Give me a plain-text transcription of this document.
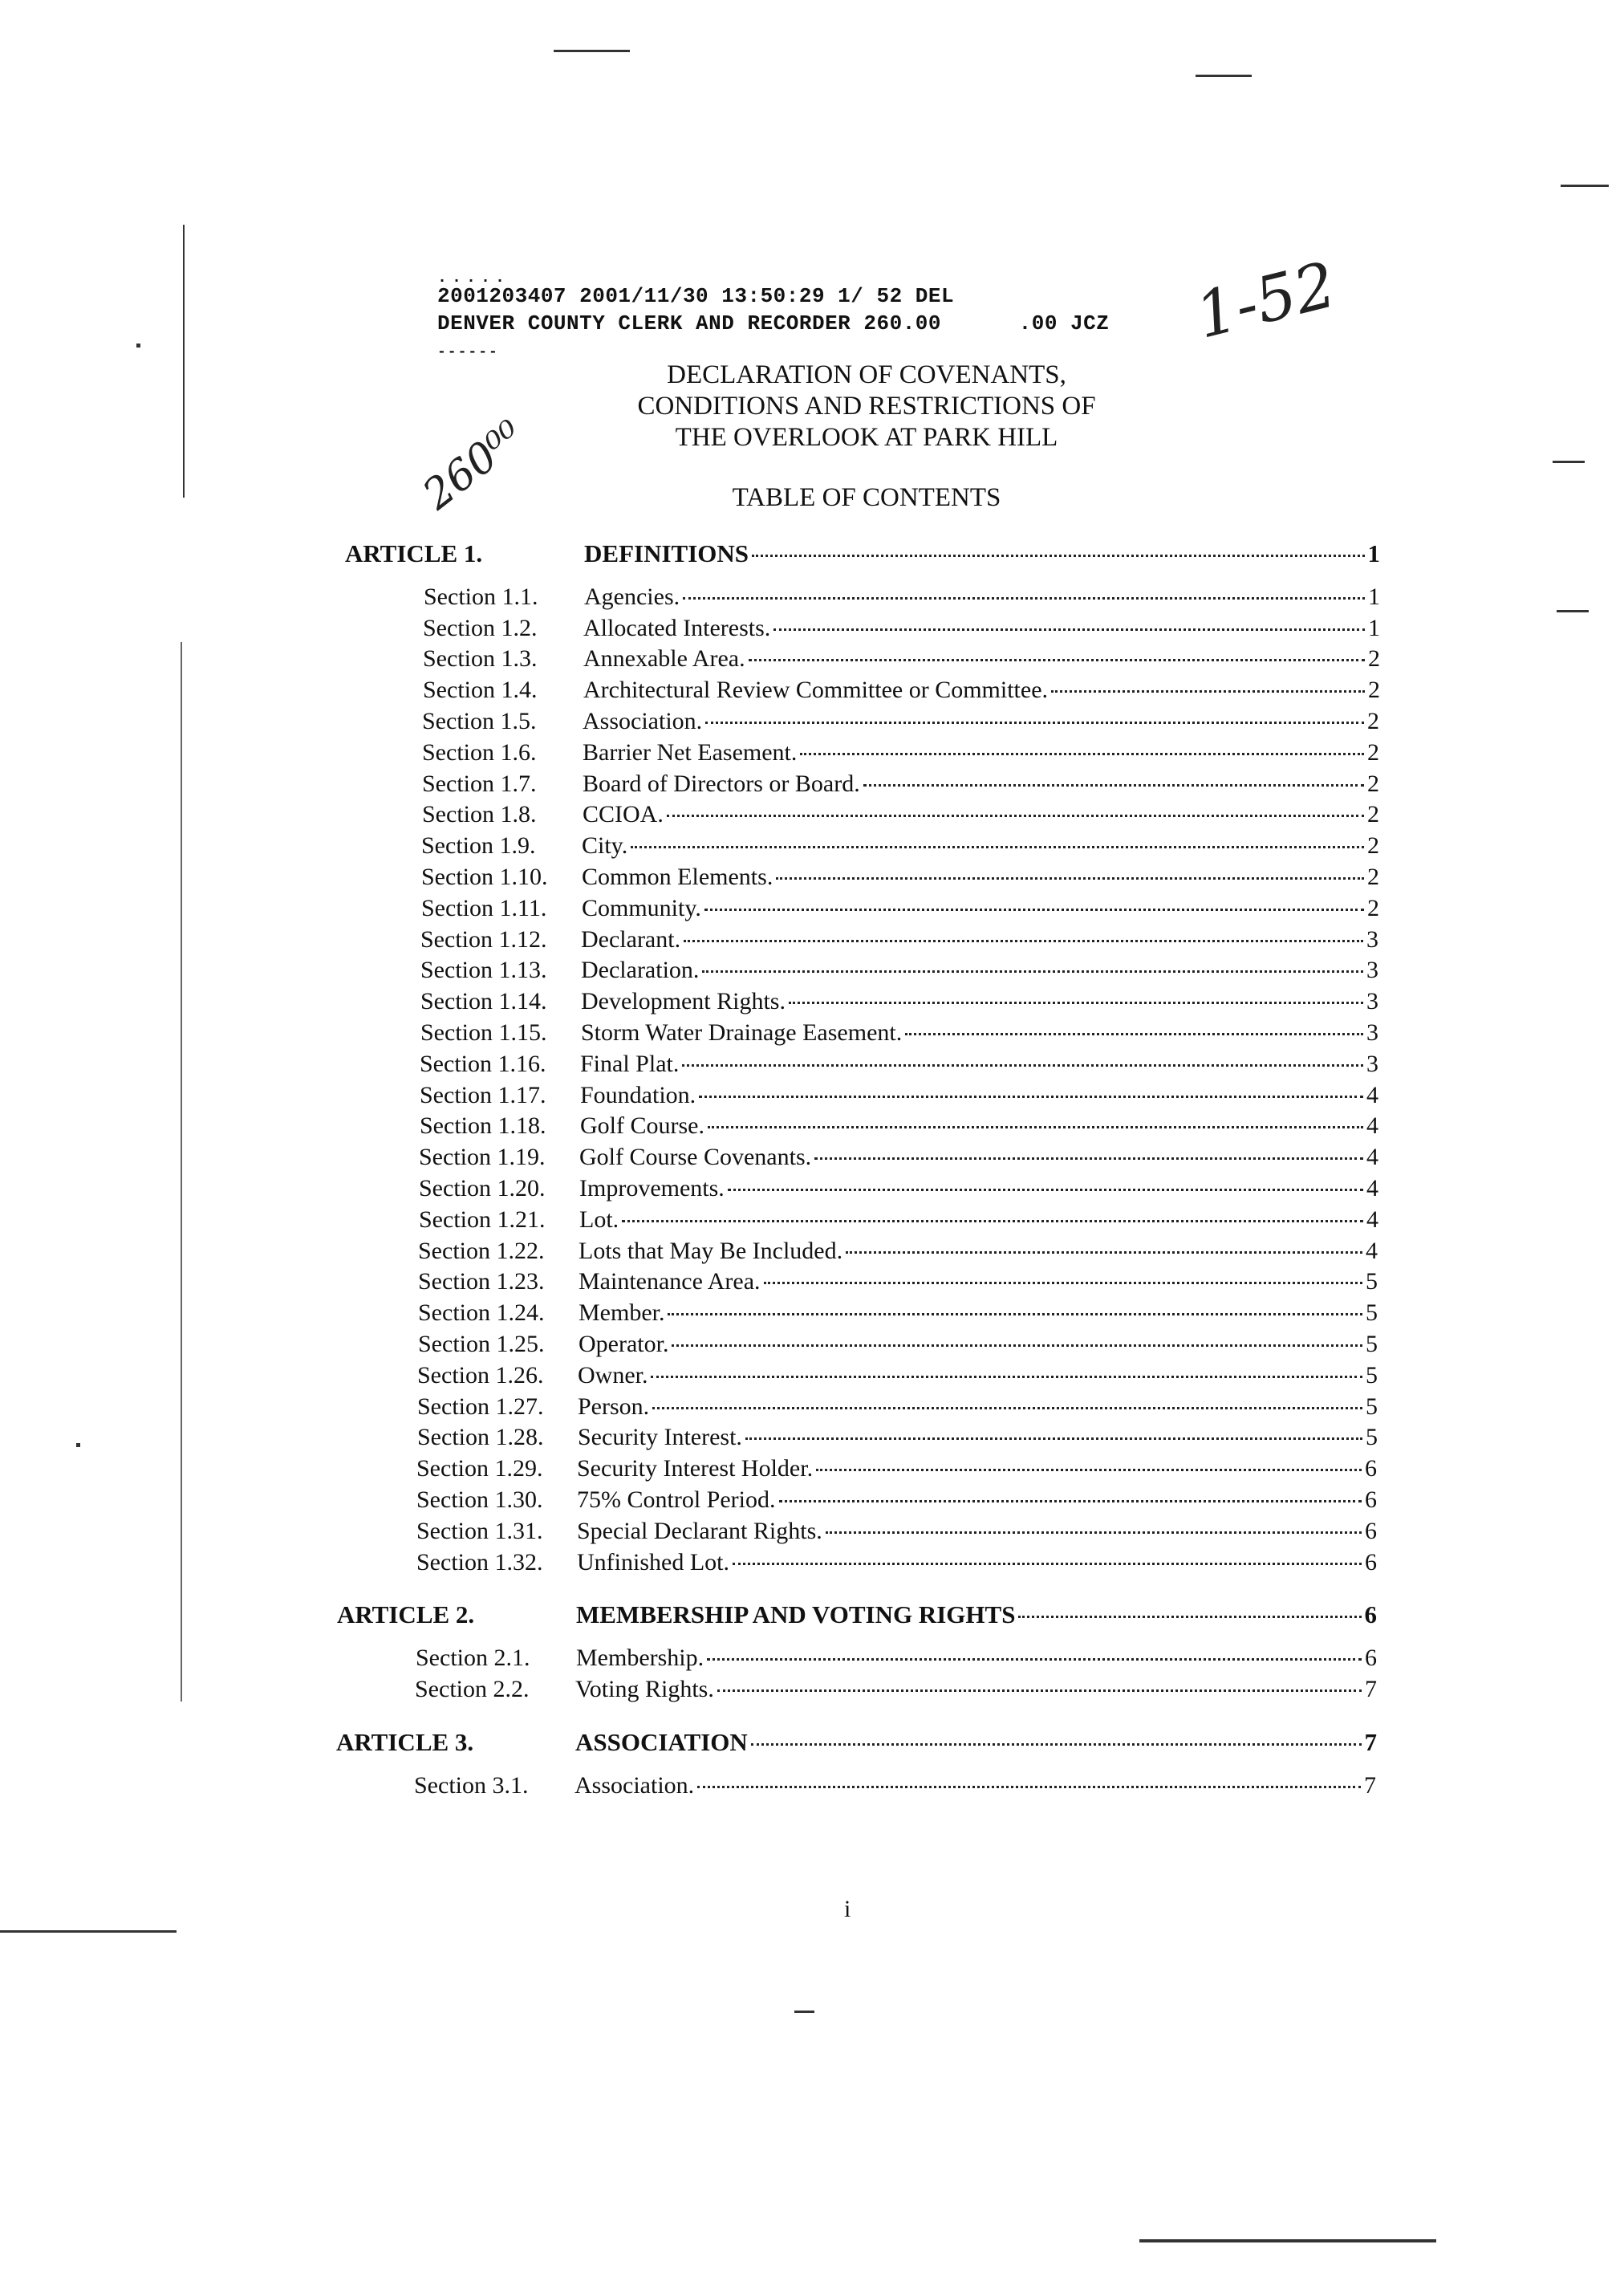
.....
2001203407 2001/11/30 13:50:29 1/ 52 DEL
DENVER COUNTY CLERK AND RECORDER 260.00      .00 JCZ
------	1-52
260⁰⁰
DECLARATION OF COVENANTS,
CONDITIONS AND RESTRICTIONS OF
THE OVERLOOK AT PARK HILL
TABLE OF CONTENTS
ARTICLE 1.	DEFINITIONS	1
Section 1.1. Agencies.	1
Section 1.2. Allocated Interests.	1
Section 1.3. Annexable Area.	2
Section 1.4. Architectural Review Committee or Committee.	2
Section 1.5. Association.	2
Section 1.6. Barrier Net Easement.	2
Section 1.7. Board of Directors or Board.	2
Section 1.8. CCIOA.	2
Section 1.9. City.	2
Section 1.10. Common Elements.	2
Section 1.11. Community.	2
Section 1.12. Declarant.	3
Section 1.13. Declaration.	3
Section 1.14. Development Rights.	3
Section 1.15. Storm Water Drainage Easement.	3
Section 1.16. Final Plat.	3
Section 1.17. Foundation.	4
Section 1.18. Golf Course.	4
Section 1.19. Golf Course Covenants.	4
Section 1.20. Improvements.	4
Section 1.21. Lot.	4
Section 1.22. Lots that May Be Included.	4
Section 1.23. Maintenance Area.	5
Section 1.24. Member.	5
Section 1.25. Operator.	5
Section 1.26. Owner.	5
Section 1.27. Person.	5
Section 1.28. Security Interest.	5
Section 1.29. Security Interest Holder.	6
Section 1.30. 75% Control Period.	6
Section 1.31. Special Declarant Rights.	6
Section 1.32. Unfinished Lot.	6
ARTICLE 2.	MEMBERSHIP AND VOTING RIGHTS	6
Section 2.1. Membership.	6
Section 2.2. Voting Rights.	7
ARTICLE 3.	ASSOCIATION	7
Section 3.1. Association.	7
i
